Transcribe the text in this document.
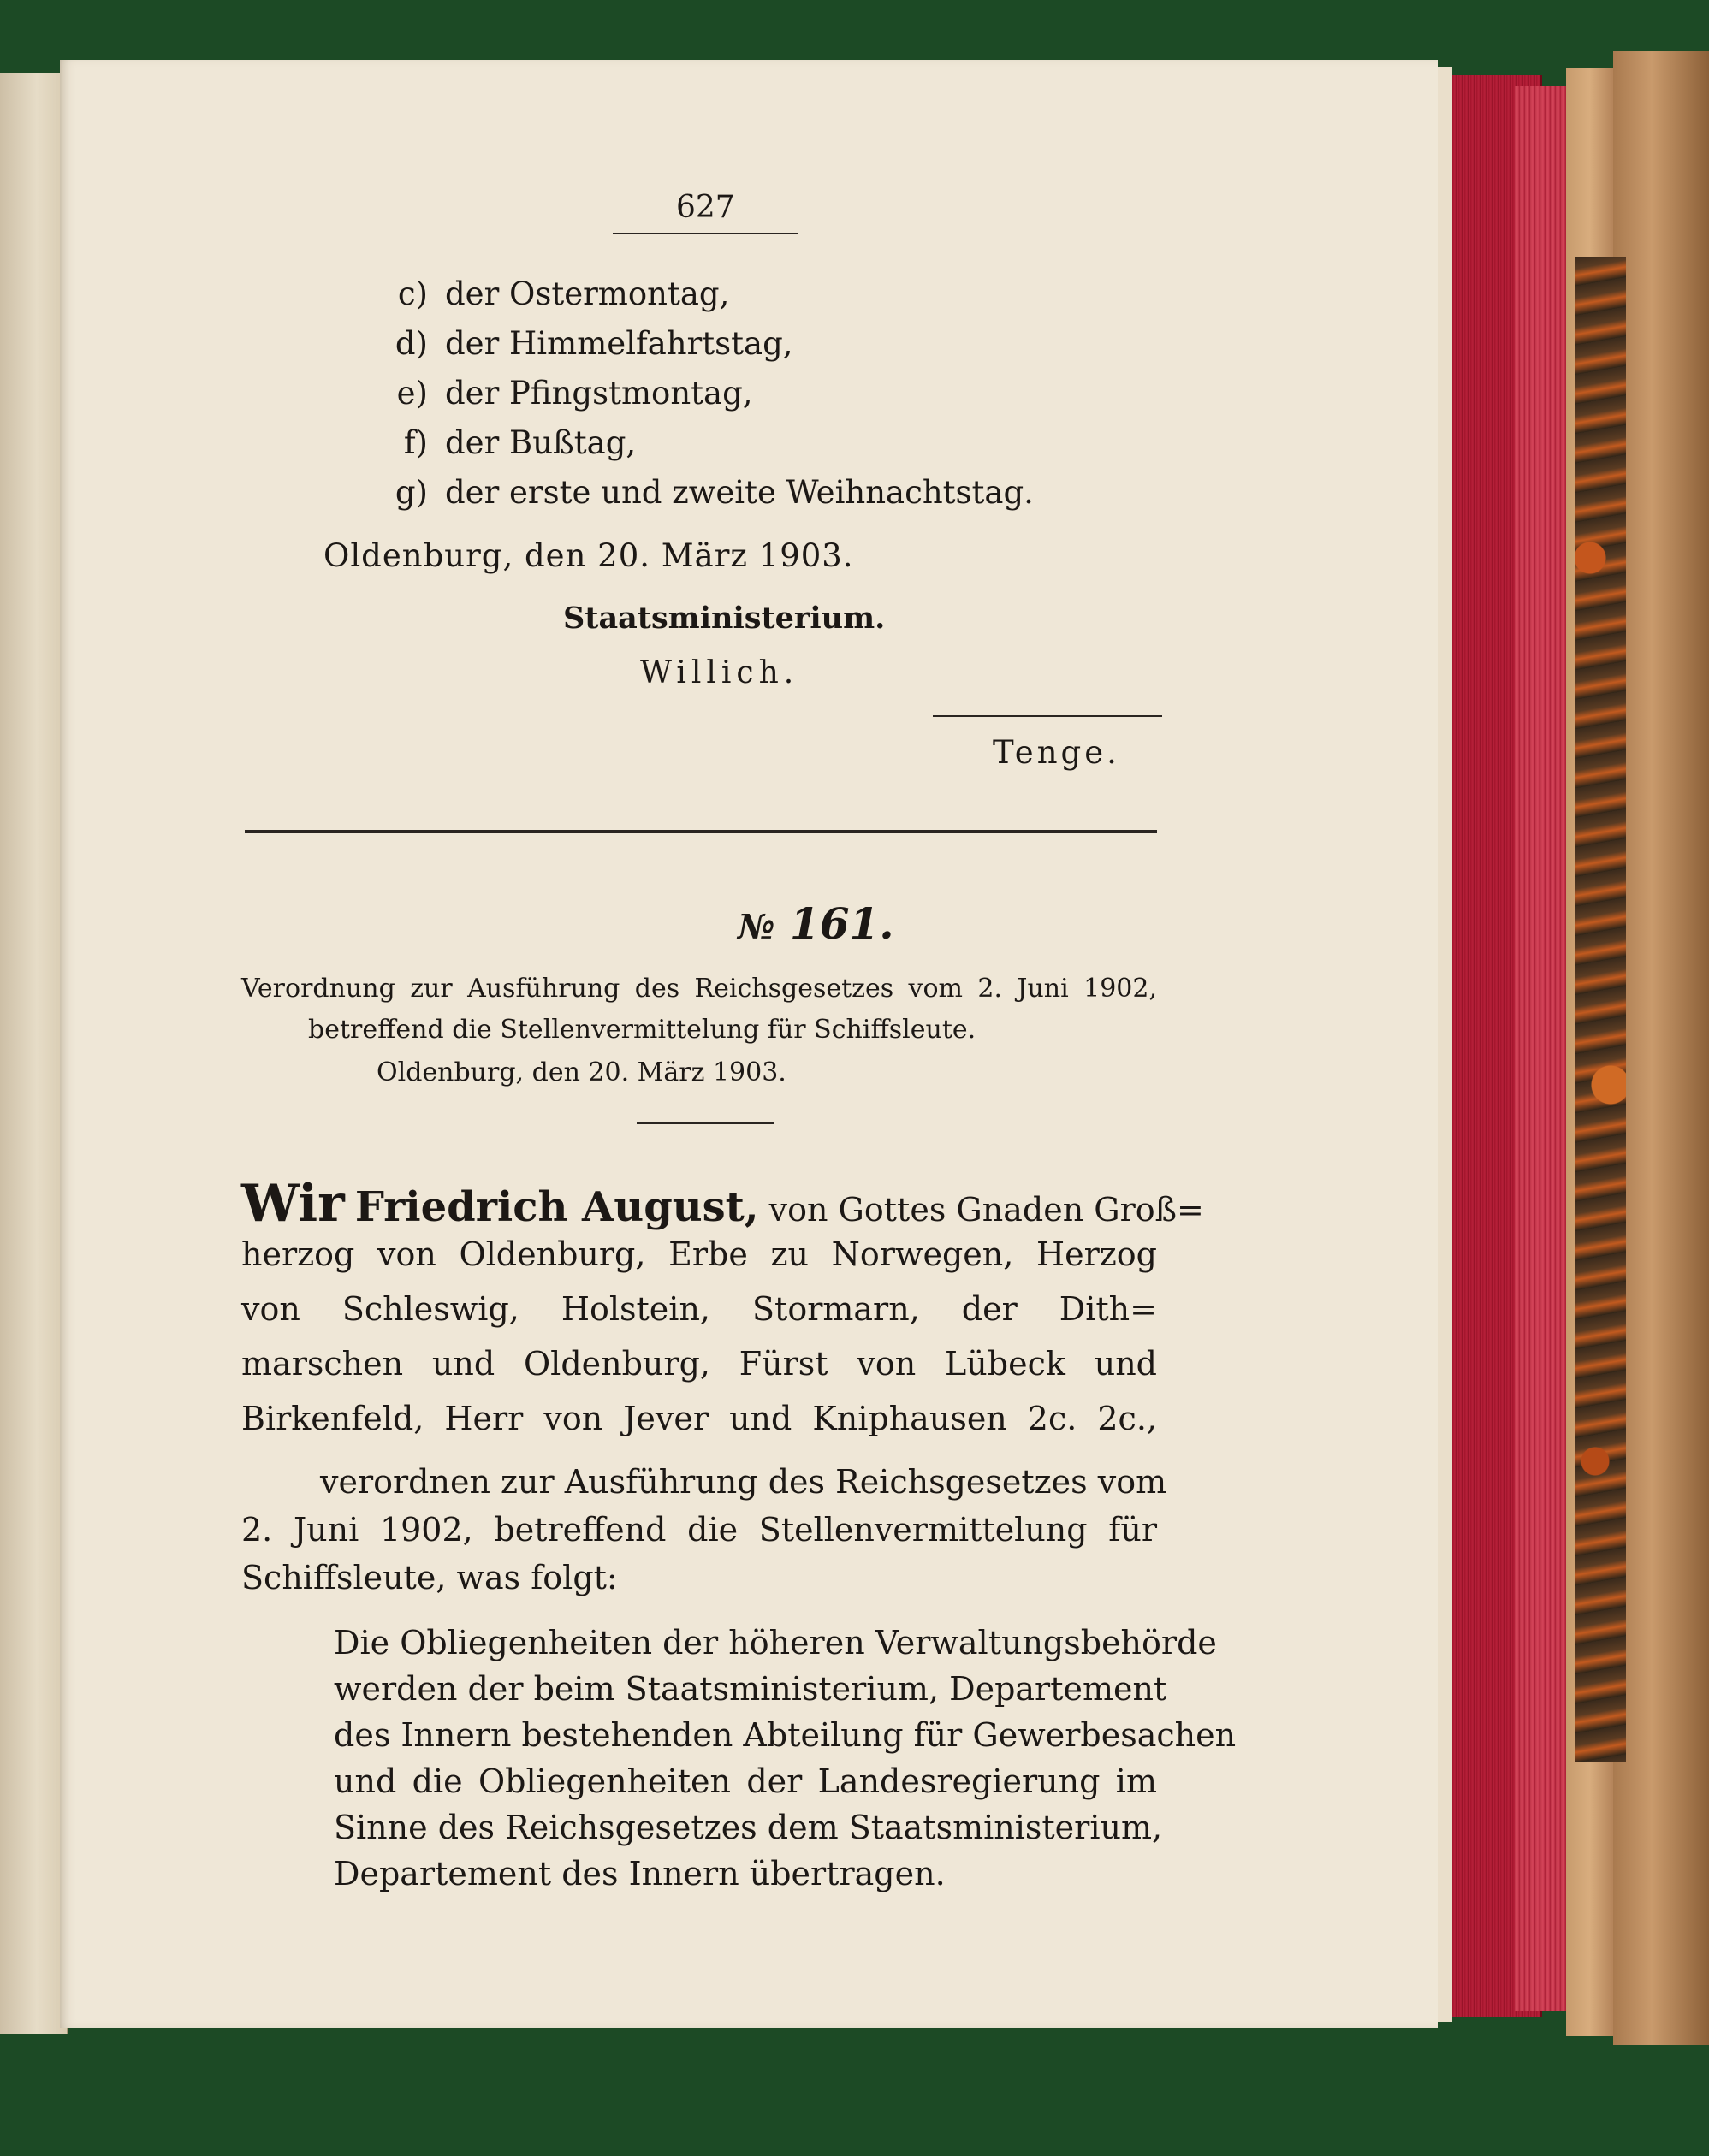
627
c) der Ostermontag,
d) der Himmelfahrtstag,
e) der Pfingstmontag,
f) der Bußtag,
g) der erste und zweite Weihnachtstag.
Oldenburg, den 20. März 1903.
Staatsministerium.
Willich.
Tenge.
№ 161.
Verordnung zur Ausführung des Reichsgesetzes vom 2. Juni 1902,
betreffend die Stellenvermittelung für Schiffsleute.
Oldenburg, den 20. März 1903.
Wir Friedrich August, von Gottes Gnaden Groß=
herzog von Oldenburg, Erbe zu Norwegen, Herzog
von Schleswig, Holstein, Stormarn, der Dith=
marschen und Oldenburg, Fürst von Lübeck und
Birkenfeld, Herr von Jever und Kniphausen 2c. 2c.,
verordnen zur Ausführung des Reichsgesetzes vom
2. Juni 1902, betreffend die Stellenvermittelung für
Schiffsleute, was folgt:
Die Obliegenheiten der höheren Verwaltungsbehörde
werden der beim Staatsministerium, Departement
des Innern bestehenden Abteilung für Gewerbesachen
und die Obliegenheiten der Landesregierung im
Sinne des Reichsgesetzes dem Staatsministerium,
Departement des Innern übertragen.
